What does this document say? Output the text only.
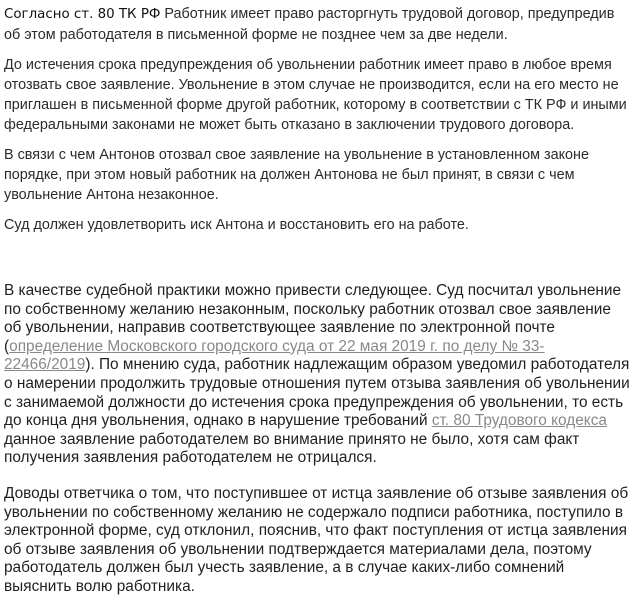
Согласно ст. 80 ТК РФ Работник имеет право расторгнуть трудовой договор, предупредив об этом работодателя в письменной форме не позднее чем за две недели.

До истечения срока предупреждения об увольнении работник имеет право в любое время отозвать свое заявление. Увольнение в этом случае не производится, если на его место не приглашен в письменной форме другой работник, которому в соответствии с ТК РФ и иными федеральными законами не может быть отказано в заключении трудового договора.

В связи с чем Антонов отозвал свое заявление на увольнение в установленном законе порядке, при этом новый работник на должен Антонова не был принят, в связи с чем увольнение Антона незаконное.

Суд должен удовлетворить иск Антона и восстановить его на работе.

В качестве судебной практики можно привести следующее. Суд посчитал увольнение по собственному желанию незаконным, поскольку работник отозвал свое заявление об увольнении, направив соответствующее заявление по электронной почте (определение Московского городского суда от 22 мая 2019 г. по делу № 33-22466/2019). По мнению суда, работник надлежащим образом уведомил работодателя о намерении продолжить трудовые отношения путем отзыва заявления об увольнении с занимаемой должности до истечения срока предупреждения об увольнении, то есть до конца дня увольнения, однако в нарушение требований ст. 80 Трудового кодекса данное заявление работодателем во внимание принято не было, хотя сам факт получения заявления работодателем не отрицался.

Доводы ответчика о том, что поступившее от истца заявление об отзыве заявления об увольнении по собственному желанию не содержало подписи работника, поступило в электронной форме, суд отклонил, пояснив, что факт поступления от истца заявления об отзыве заявления об увольнении подтверждается материалами дела, поэтому работодатель должен был учесть заявление, а в случае каких-либо сомнений выяснить волю работника.
